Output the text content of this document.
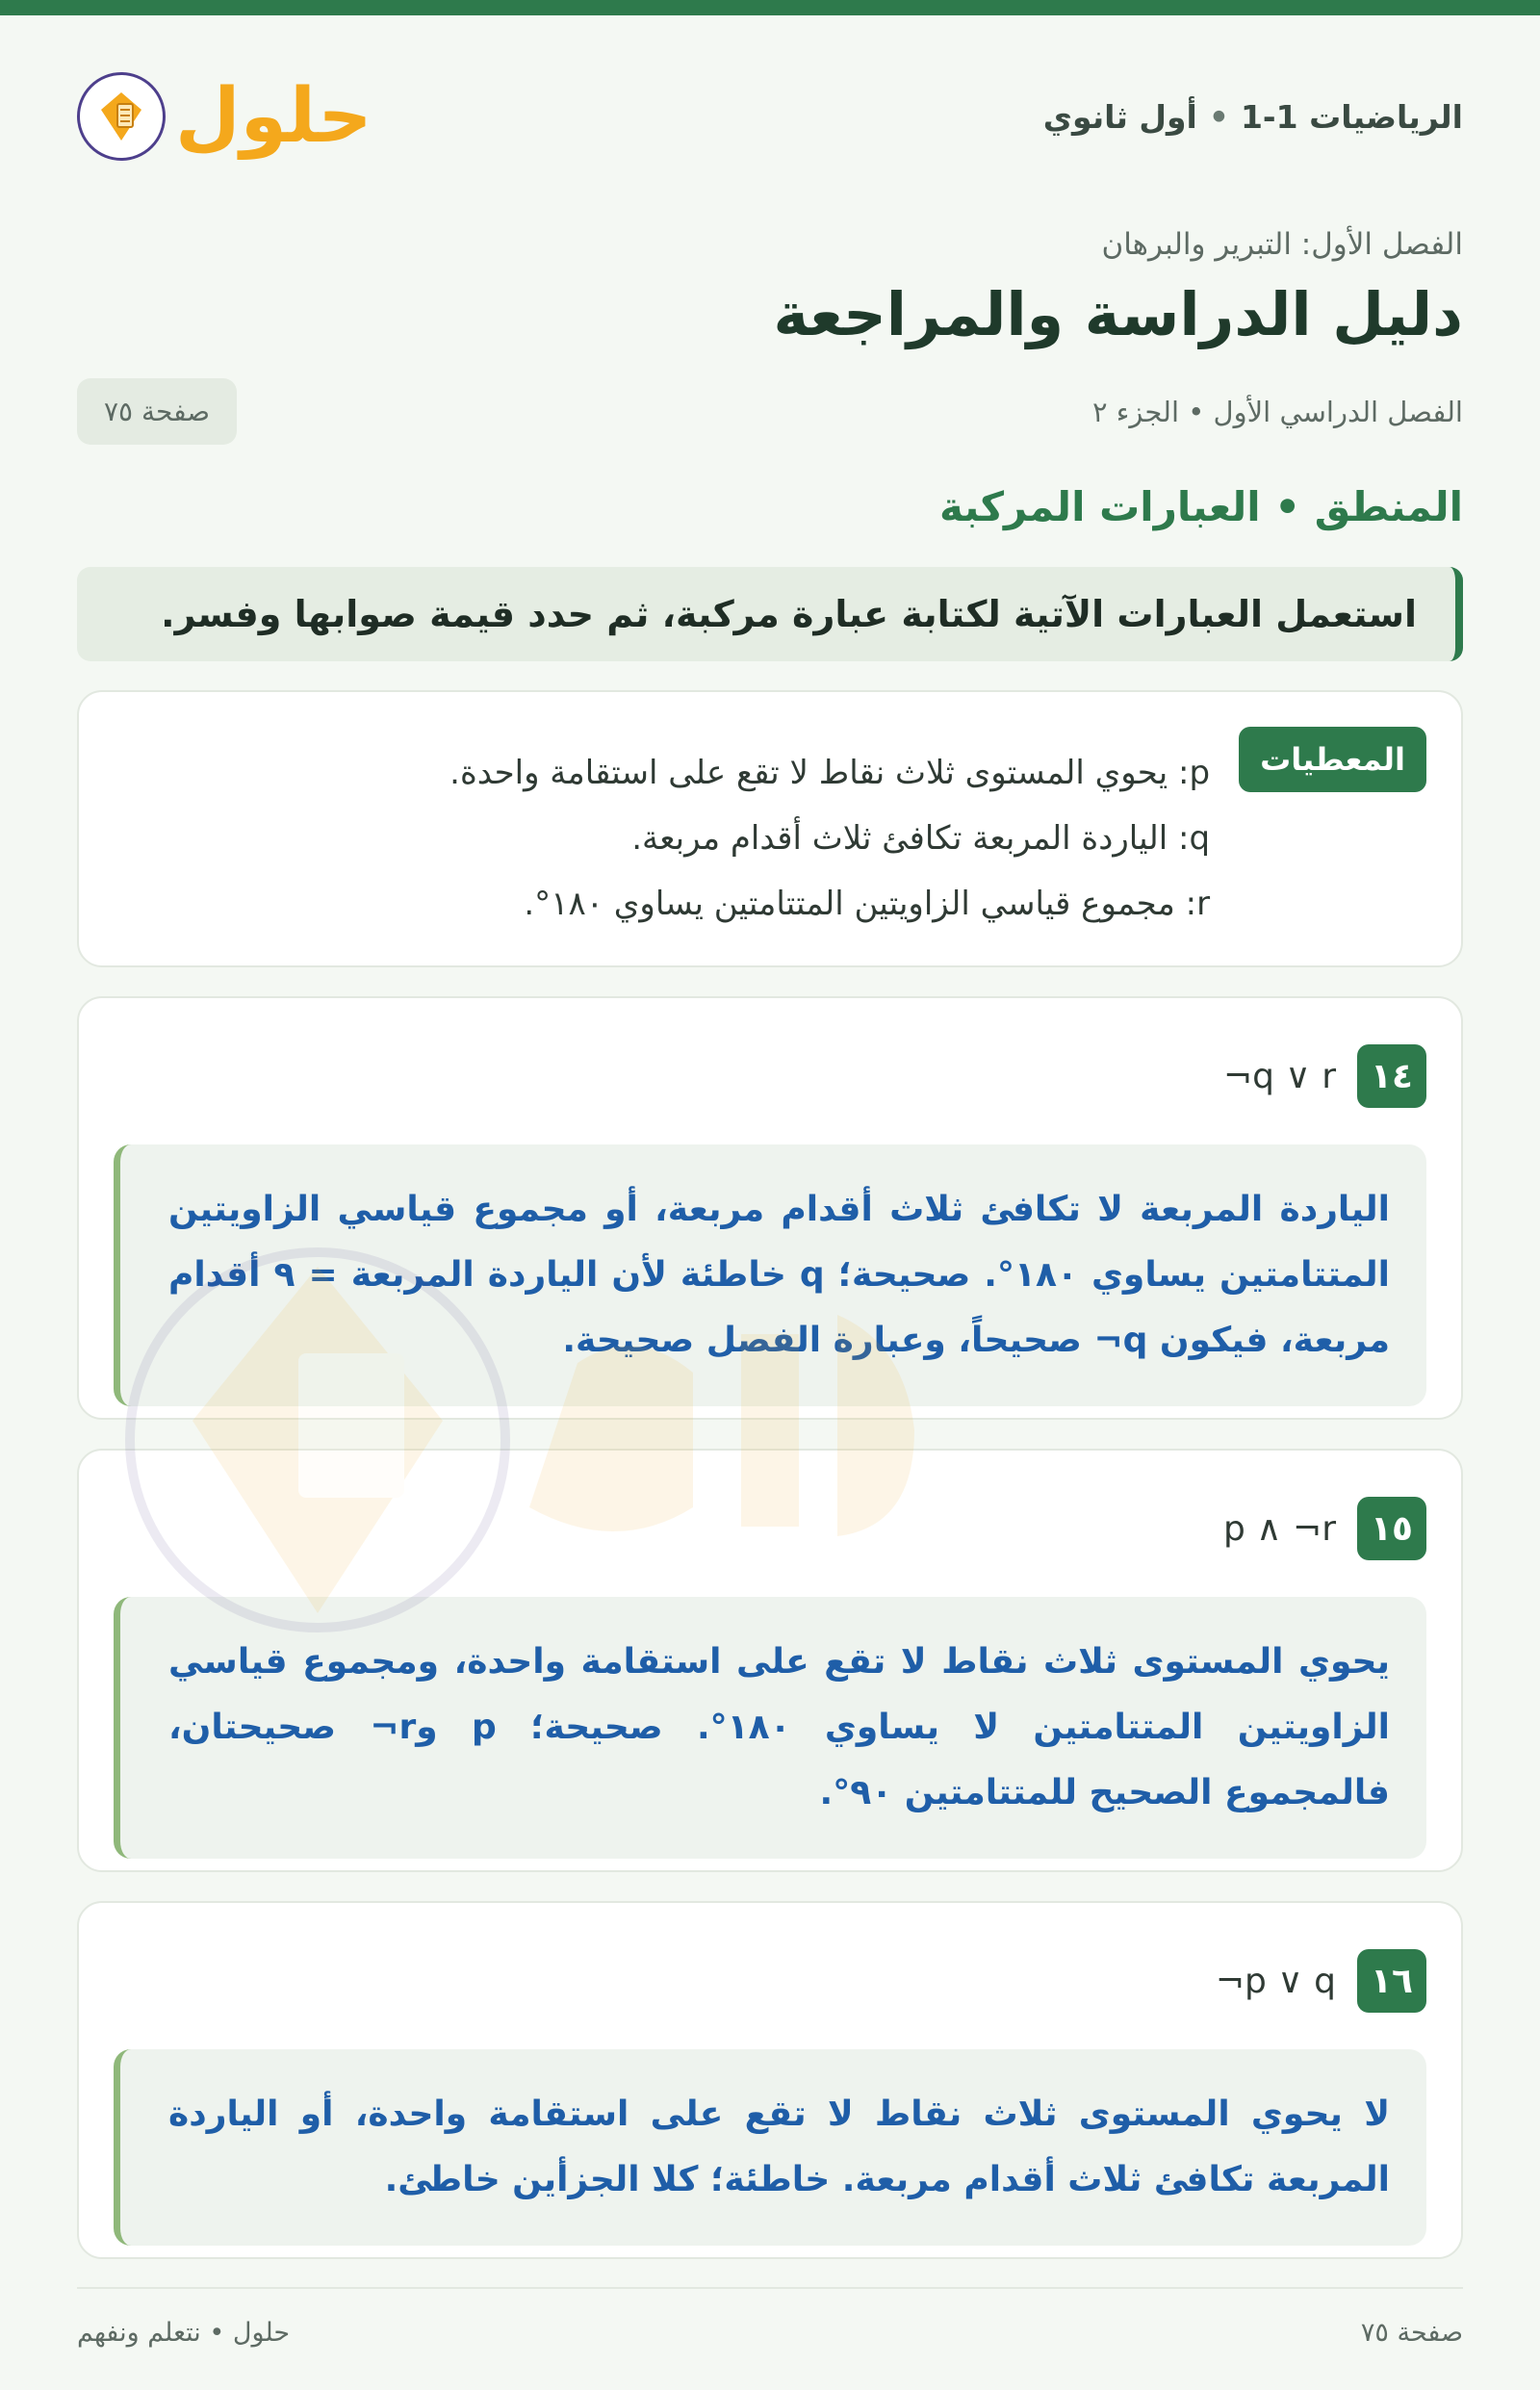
الرياضيات 1-1
•
أول ثانوي
حلول
الفصل الأول: التبرير والبرهان
دليل الدراسة والمراجعة
الفصل الدراسي الأول • الجزء ٢
صفحة ٧٥
المنطق • العبارات المركبة
استعمل العبارات الآتية لكتابة عبارة مركبة، ثم حدد قيمة صوابها وفسر.
المعطيات
p: يحوي المستوى ثلاث نقاط لا تقع على استقامة واحدة.
q: الياردة المربعة تكافئ ثلاث أقدام مربعة.
r: مجموع قياسي الزاويتين المتتامتين يساوي ١٨٠°.
١٤
¬q ∨ r
الياردة المربعة لا تكافئ ثلاث أقدام مربعة، أو مجموع قياسي الزاويتين المتتامتين يساوي ١٨٠°. صحيحة؛ q خاطئة لأن الياردة المربعة = ٩ أقدام مربعة، فيكون q¬ صحيحاً، وعبارة الفصل صحيحة.
١٥
p ∧ ¬r
يحوي المستوى ثلاث نقاط لا تقع على استقامة واحدة، ومجموع قياسي الزاويتين المتتامتين لا يساوي ١٨٠°. صحيحة؛ p وr¬ صحيحتان، فالمجموع الصحيح للمتتامتين ٩٠°.
١٦
¬p ∨ q
لا يحوي المستوى ثلاث نقاط لا تقع على استقامة واحدة، أو الياردة المربعة تكافئ ثلاث أقدام مربعة. خاطئة؛ كلا الجزأين خاطئ.
صفحة ٧٥
حلول • نتعلم ونفهم
